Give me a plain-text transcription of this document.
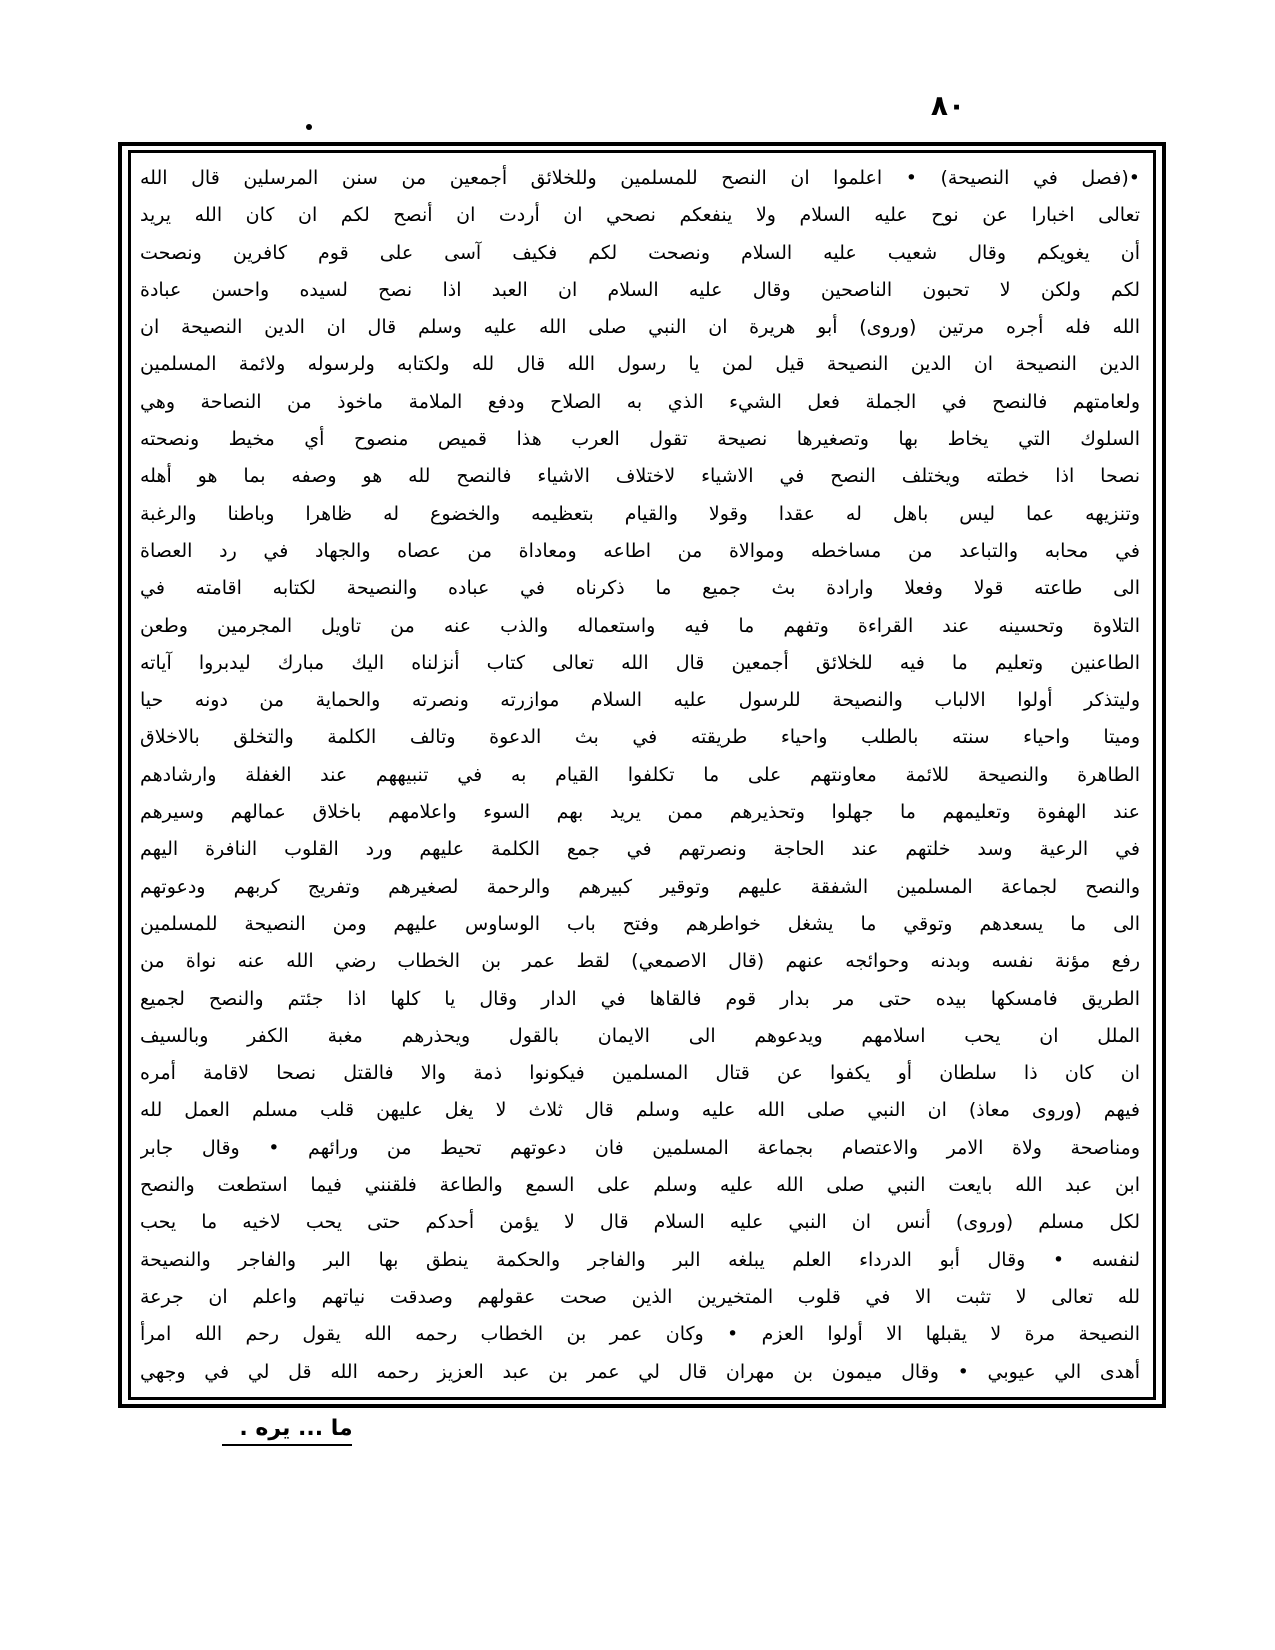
٨٠
•(فصل في النصيحة) • اعلموا ان النصح للمسلمين وللخلائق أجمعين من سنن المرسلين قال الله
تعالى اخبارا عن نوح عليه السلام ولا ينفعكم نصحي ان أردت ان أنصح لكم ان كان الله يريد
أن يغويكم وقال شعيب عليه السلام ونصحت لكم فكيف آسى على قوم كافرين ونصحت
لكم ولكن لا تحبون الناصحين وقال عليه السلام ان العبد اذا نصح لسيده واحسن عبادة
الله فله أجره مرتين (وروى) أبو هريرة ان النبي صلى الله عليه وسلم قال ان الدين النصيحة ان
الدين النصيحة ان الدين النصيحة قيل لمن يا رسول الله قال لله ولكتابه ولرسوله ولائمة المسلمين
ولعامتهم فالنصح في الجملة فعل الشيء الذي به الصلاح ودفع الملامة ماخوذ من النصاحة وهي
السلوك التي يخاط بها وتصغيرها نصيحة تقول العرب هذا قميص منصوح أي مخيط ونصحته
نصحا اذا خطته ويختلف النصح في الاشياء لاختلاف الاشياء فالنصح لله هو وصفه بما هو أهله
وتنزيهه عما ليس باهل له عقدا وقولا والقيام بتعظيمه والخضوع له ظاهرا وباطنا والرغبة
في محابه والتباعد من مساخطه وموالاة من اطاعه ومعاداة من عصاه والجهاد في رد العصاة
الى طاعته قولا وفعلا وارادة بث جميع ما ذكرناه في عباده والنصيحة لكتابه اقامته في
التلاوة وتحسينه عند القراءة وتفهم ما فيه واستعماله والذب عنه من تاويل المجرمين وطعن
الطاعنين وتعليم ما فيه للخلائق أجمعين قال الله تعالى كتاب أنزلناه اليك مبارك ليدبروا آياته
وليتذكر أولوا الالباب والنصيحة للرسول عليه السلام موازرته ونصرته والحماية من دونه حيا
وميتا واحياء سنته بالطلب واحياء طريقته في بث الدعوة وتالف الكلمة والتخلق بالاخلاق
الطاهرة والنصيحة للائمة معاونتهم على ما تكلفوا القيام به في تنبيههم عند الغفلة وارشادهم
عند الهفوة وتعليمهم ما جهلوا وتحذيرهم ممن يريد بهم السوء واعلامهم باخلاق عمالهم وسيرهم
في الرعية وسد خلتهم عند الحاجة ونصرتهم في جمع الكلمة عليهم ورد القلوب النافرة اليهم
والنصح لجماعة المسلمين الشفقة عليهم وتوقير كبيرهم والرحمة لصغيرهم وتفريج كربهم ودعوتهم
الى ما يسعدهم وتوقي ما يشغل خواطرهم وفتح باب الوساوس عليهم ومن النصيحة للمسلمين
رفع مؤنة نفسه وبدنه وحوائجه عنهم (قال الاصمعي) لقط عمر بن الخطاب رضي الله عنه نواة من
الطريق فامسكها بيده حتى مر بدار قوم فالقاها في الدار وقال يا كلها اذا جئتم والنصح لجميع
الملل ان يحب اسلامهم ويدعوهم الى الايمان بالقول ويحذرهم مغبة الكفر وبالسيف
ان كان ذا سلطان أو يكفوا عن قتال المسلمين فيكونوا ذمة والا فالقتل نصحا لاقامة أمره
فيهم (وروى معاذ) ان النبي صلى الله عليه وسلم قال ثلاث لا يغل عليهن قلب مسلم العمل لله
ومناصحة ولاة الامر والاعتصام بجماعة المسلمين فان دعوتهم تحيط من ورائهم • وقال جابر
ابن عبد الله بايعت النبي صلى الله عليه وسلم على السمع والطاعة فلقنني فيما استطعت والنصح
لكل مسلم (وروى) أنس ان النبي عليه السلام قال لا يؤمن أحدكم حتى يحب لاخيه ما يحب
لنفسه • وقال أبو الدرداء العلم يبلغه البر والفاجر والحكمة ينطق بها البر والفاجر والنصيحة
لله تعالى لا تثبت الا في قلوب المتخيرين الذين صحت عقولهم وصدقت نياتهم واعلم ان جرعة
النصيحة مرة لا يقبلها الا أولوا العزم • وكان عمر بن الخطاب رحمه الله يقول رحم الله امرأ
أهدى الي عيوبي • وقال ميمون بن مهران قال لي عمر بن عبد العزيز رحمه الله قل لي في وجهي
ما ... يره .
